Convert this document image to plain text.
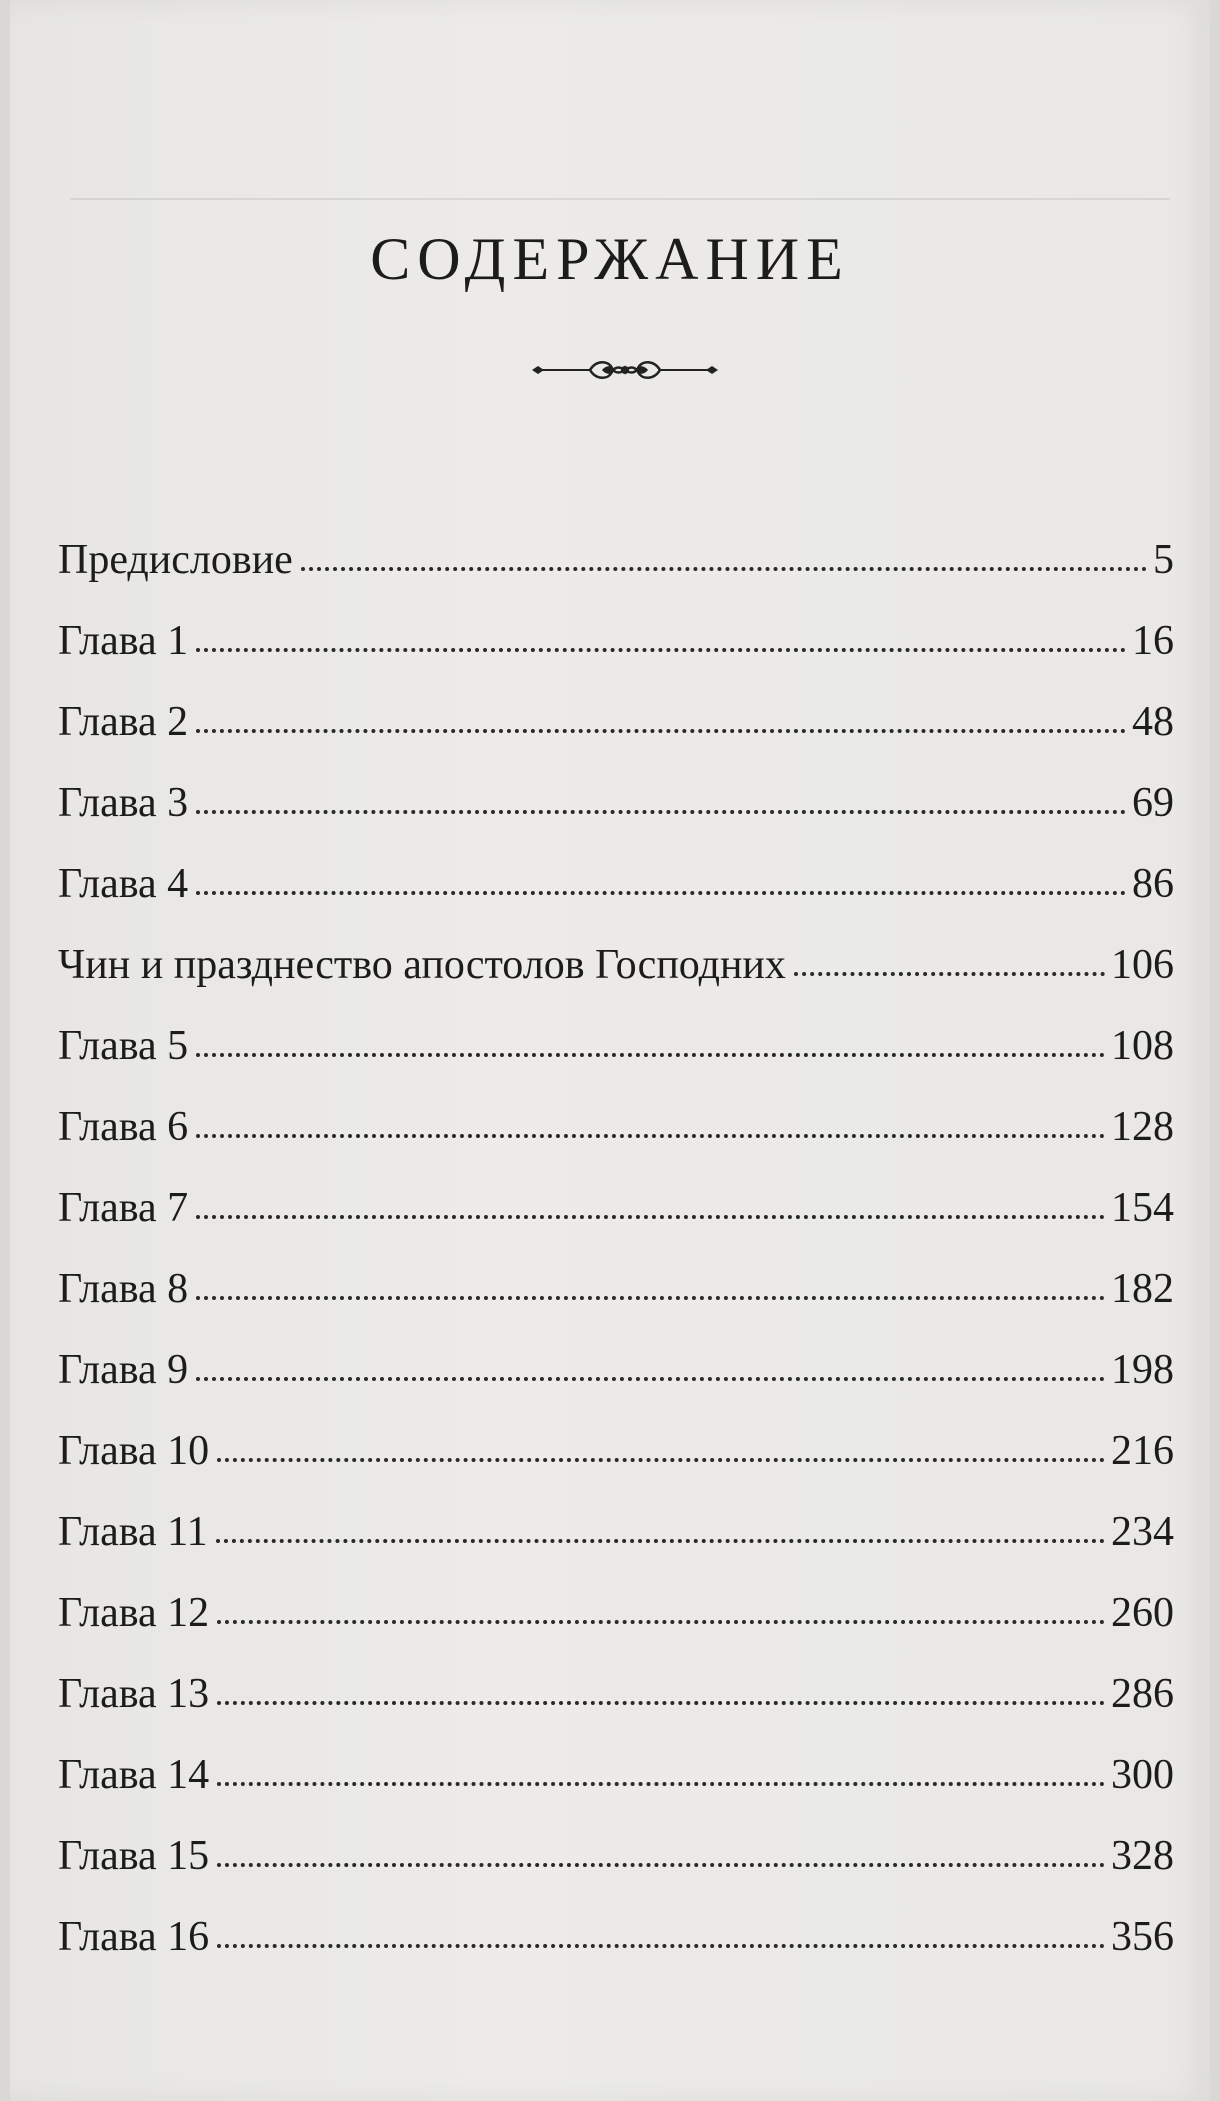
СОДЕРЖАНИЕ
Предисловие	5
Глава 1	16
Глава 2	48
Глава 3	69
Глава 4	86
Чин и празднество апостолов Господних	106
Глава 5	108
Глава 6	128
Глава 7	154
Глава 8	182
Глава 9	198
Глава 10	216
Глава 11	234
Глава 12	260
Глава 13	286
Глава 14	300
Глава 15	328
Глава 16	356
